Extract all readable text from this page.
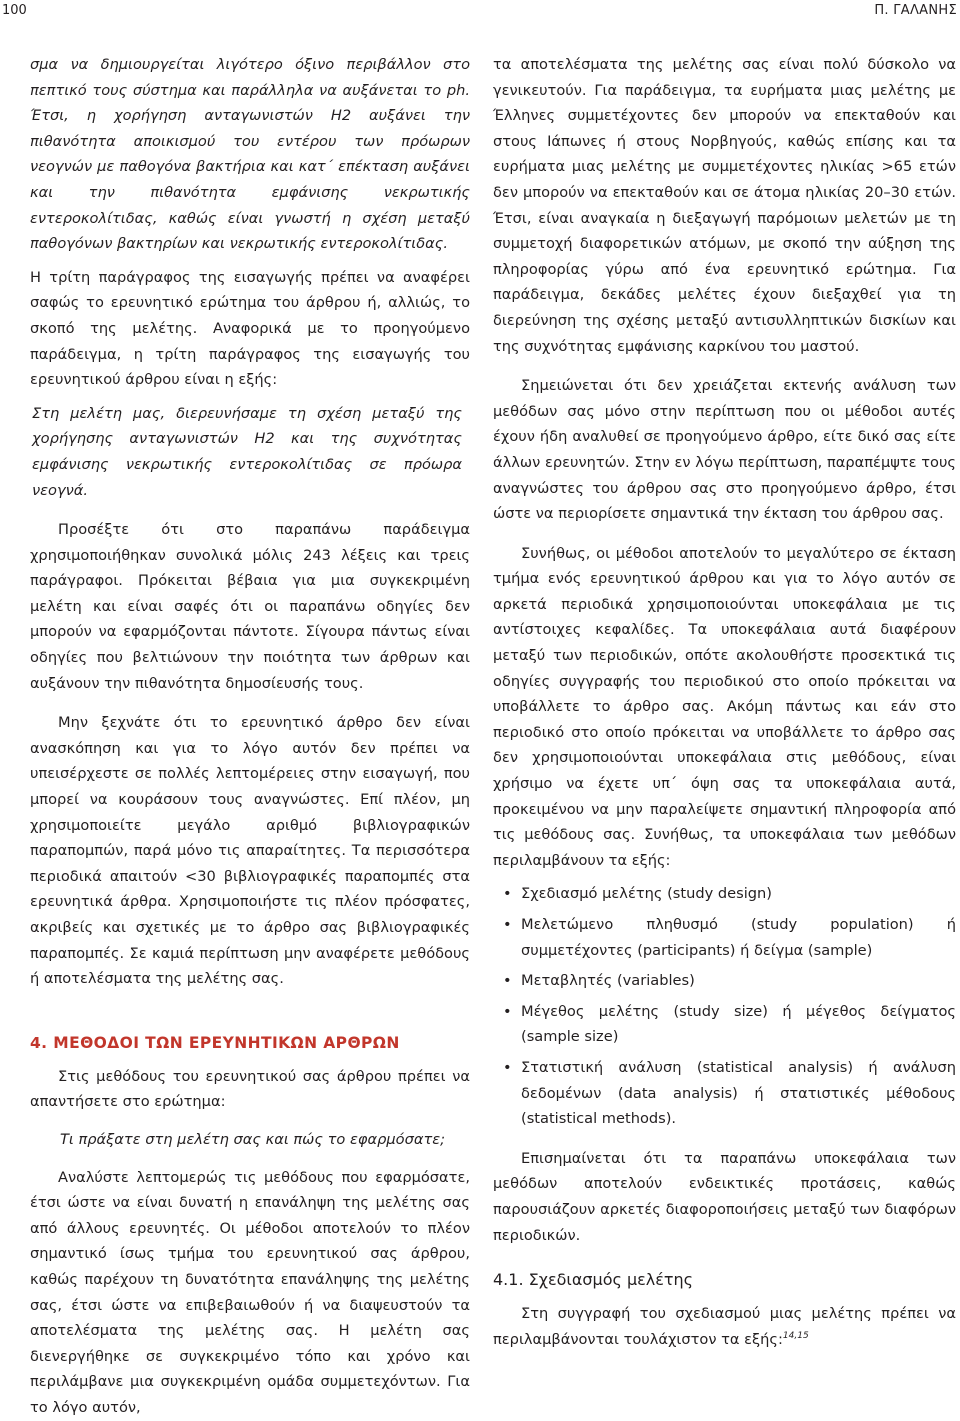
100	Π. ΓΑΛΑΝΗΣ

σμα να δημιουργείται λιγότερο όξινο περιβάλλον στο πεπτικό τους σύστημα και παράλληλα να αυξάνεται το ph. Έτσι, η χορήγηση ανταγωνιστών Η2 αυξάνει την πιθανότητα αποικισμού του εντέρου των πρόωρων νεογνών με παθογόνα βακτήρια και κατ΄ επέκταση αυξάνει και την πιθανότητα εμφάνισης νεκρωτικής εντεροκολίτιδας, καθώς είναι γνωστή η σχέση μεταξύ παθογόνων βακτηρίων και νεκρωτικής εντεροκολίτιδας.

Η τρίτη παράγραφος της εισαγωγής πρέπει να αναφέρει σαφώς το ερευνητικό ερώτημα του άρθρου ή, αλλιώς, το σκοπό της μελέτης. Αναφορικά με το προηγούμενο παράδειγμα, η τρίτη παράγραφος της εισαγωγής του ερευνητικού άρθρου είναι η εξής:

Στη μελέτη μας, διερευνήσαμε τη σχέση μεταξύ της χορήγησης ανταγωνιστών Η2 και της συχνότητας εμφάνισης νεκρωτικής εντεροκολίτιδας σε πρόωρα νεογνά.

Προσέξτε ότι στο παραπάνω παράδειγμα χρησιμοποιήθηκαν συνολικά μόλις 243 λέξεις και τρεις παράγραφοι. Πρόκειται βέβαια για μια συγκεκριμένη μελέτη και είναι σαφές ότι οι παραπάνω οδηγίες δεν μπορούν να εφαρμόζονται πάντοτε. Σίγουρα πάντως είναι οδηγίες που βελτιώνουν την ποιότητα των άρθρων και αυξάνουν την πιθανότητα δημοσίευσής τους.

Μην ξεχνάτε ότι το ερευνητικό άρθρο δεν είναι ανασκόπηση και για το λόγο αυτόν δεν πρέπει να υπεισέρχεστε σε πολλές λεπτομέρειες στην εισαγωγή, που μπορεί να κουράσουν τους αναγνώστες. Επί πλέον, μη χρησιμοποιείτε μεγάλο αριθμό βιβλιογραφικών παραπομπών, παρά μόνο τις απαραίτητες. Τα περισσότερα περιοδικά απαιτούν <30 βιβλιογραφικές παραπομπές στα ερευνητικά άρθρα. Χρησιμοποιήστε τις πλέον πρόσφατες, ακριβείς και σχετικές με το άρθρο σας βιβλιογραφικές παραπομπές. Σε καμιά περίπτωση μην αναφέρετε μεθόδους ή αποτελέσματα της μελέτης σας.

4. ΜΕΘΟΔΟΙ ΤΩΝ ΕΡΕΥΝΗΤΙΚΩΝ ΑΡΘΡΩΝ

Στις μεθόδους του ερευνητικού σας άρθρου πρέπει να απαντήσετε στο ερώτημα:

Τι πράξατε στη μελέτη σας και πώς το εφαρμόσατε;

Αναλύστε λεπτομερώς τις μεθόδους που εφαρμόσατε, έτσι ώστε να είναι δυνατή η επανάληψη της μελέτης σας από άλλους ερευνητές. Οι μέθοδοι αποτελούν το πλέον σημαντικό ίσως τμήμα του ερευνητικού σας άρθρου, καθώς παρέχουν τη δυνατότητα επανάληψης της μελέτης σας, έτσι ώστε να επιβεβαιωθούν ή να διαψευστούν τα αποτελέσματα της μελέτης σας. Η μελέτη σας διενεργήθηκε σε συγκεκριμένο τόπο και χρόνο και περιλάμβανε μια συγκεκριμένη ομάδα συμμετεχόντων. Για το λόγο αυτόν,

τα αποτελέσματα της μελέτης σας είναι πολύ δύσκολο να γενικευτούν. Για παράδειγμα, τα ευρήματα μιας μελέτης με Έλληνες συμμετέχοντες δεν μπορούν να επεκταθούν και στους Ιάπωνες ή στους Νορβηγούς, καθώς επίσης και τα ευρήματα μιας μελέτης με συμμετέχοντες ηλικίας >65 ετών δεν μπορούν να επεκταθούν και σε άτομα ηλικίας 20–30 ετών. Έτσι, είναι αναγκαία η διεξαγωγή παρόμοιων μελετών με τη συμμετοχή διαφορετικών ατόμων, με σκοπό την αύξηση της πληροφορίας γύρω από ένα ερευνητικό ερώτημα. Για παράδειγμα, δεκάδες μελέτες έχουν διεξαχθεί για τη διερεύνηση της σχέσης μεταξύ αντισυλληπτικών δισκίων και της συχνότητας εμφάνισης καρκίνου του μαστού.

Σημειώνεται ότι δεν χρειάζεται εκτενής ανάλυση των μεθόδων σας μόνο στην περίπτωση που οι μέθοδοι αυτές έχουν ήδη αναλυθεί σε προηγούμενο άρθρο, είτε δικό σας είτε άλλων ερευνητών. Στην εν λόγω περίπτωση, παραπέμψτε τους αναγνώστες του άρθρου σας στο προηγούμενο άρθρο, έτσι ώστε να περιορίσετε σημαντικά την έκταση του άρθρου σας.

Συνήθως, οι μέθοδοι αποτελούν το μεγαλύτερο σε έκταση τμήμα ενός ερευνητικού άρθρου και για το λόγο αυτόν σε αρκετά περιοδικά χρησιμοποιούνται υποκεφάλαια με τις αντίστοιχες κεφαλίδες. Τα υποκεφάλαια αυτά διαφέρουν μεταξύ των περιοδικών, οπότε ακολουθήστε προσεκτικά τις οδηγίες συγγραφής του περιοδικού στο οποίο πρόκειται να υποβάλλετε το άρθρο σας. Ακόμη πάντως και εάν στο περιοδικό στο οποίο πρόκειται να υποβάλλετε το άρθρο σας δεν χρησιμοποιούνται υποκεφάλαια στις μεθόδους, είναι χρήσιμο να έχετε υπ΄ όψη σας τα υποκεφάλαια αυτά, προκειμένου να μην παραλείψετε σημαντική πληροφορία από τις μεθόδους σας. Συνήθως, τα υποκεφάλαια των μεθόδων περιλαμβάνουν τα εξής:

• Σχεδιασμό μελέτης (study design)
• Μελετώμενο πληθυσμό (study population) ή συμμετέχοντες (participants) ή δείγμα (sample)
• Μεταβλητές (variables)
• Μέγεθος μελέτης (study size) ή μέγεθος δείγματος (sample size)
• Στατιστική ανάλυση (statistical analysis) ή ανάλυση δεδομένων (data analysis) ή στατιστικές μέθοδους (statistical methods).

Επισημαίνεται ότι τα παραπάνω υποκεφάλαια των μεθόδων αποτελούν ενδεικτικές προτάσεις, καθώς παρουσιάζουν αρκετές διαφοροποιήσεις μεταξύ των διαφόρων περιοδικών.

4.1. Σχεδιασμός μελέτης

Στη συγγραφή του σχεδιασμού μιας μελέτης πρέπει να περιλαμβάνονται τουλάχιστον τα εξής:$^{14,15}$
